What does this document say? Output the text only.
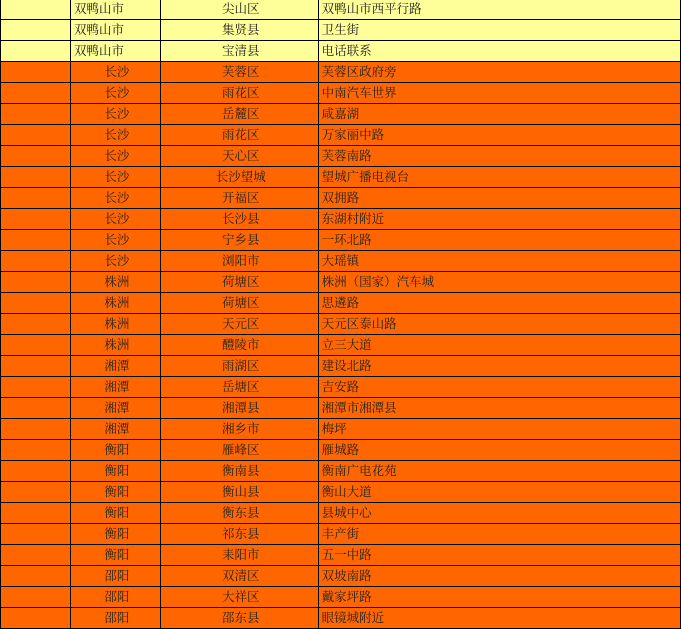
	双鸭山市	尖山区	双鸭山市西平行路
	双鸭山市	集贤县	卫生街
	双鸭山市	宝清县	电话联系
	长沙	芙蓉区	芙蓉区政府旁
	长沙	雨花区	中南汽车世界
	长沙	岳麓区	咸嘉湖
	长沙	雨花区	万家丽中路
	长沙	天心区	芙蓉南路
	长沙	长沙望城	望城广播电视台
	长沙	开福区	双拥路
	长沙	长沙县	东湖村附近
	长沙	宁乡县	一环北路
	长沙	浏阳市	大瑶镇
	株洲	荷塘区	株洲（国家）汽车城
	株洲	荷塘区	思遴路
	株洲	天元区	天元区泰山路
	株洲	醴陵市	立三大道
	湘潭	雨湖区	建设北路
	湘潭	岳塘区	吉安路
	湘潭	湘潭县	湘潭市湘潭县
	湘潭	湘乡市	梅坪
	衡阳	雁峰区	雁城路
	衡阳	衡南县	衡南广电花苑
	衡阳	衡山县	衡山大道
	衡阳	衡东县	县城中心
	衡阳	祁东县	丰产街
	衡阳	耒阳市	五一中路
	邵阳	双清区	双坡南路
	邵阳	大祥区	戴家坪路
	邵阳	邵东县	眼镜城附近
